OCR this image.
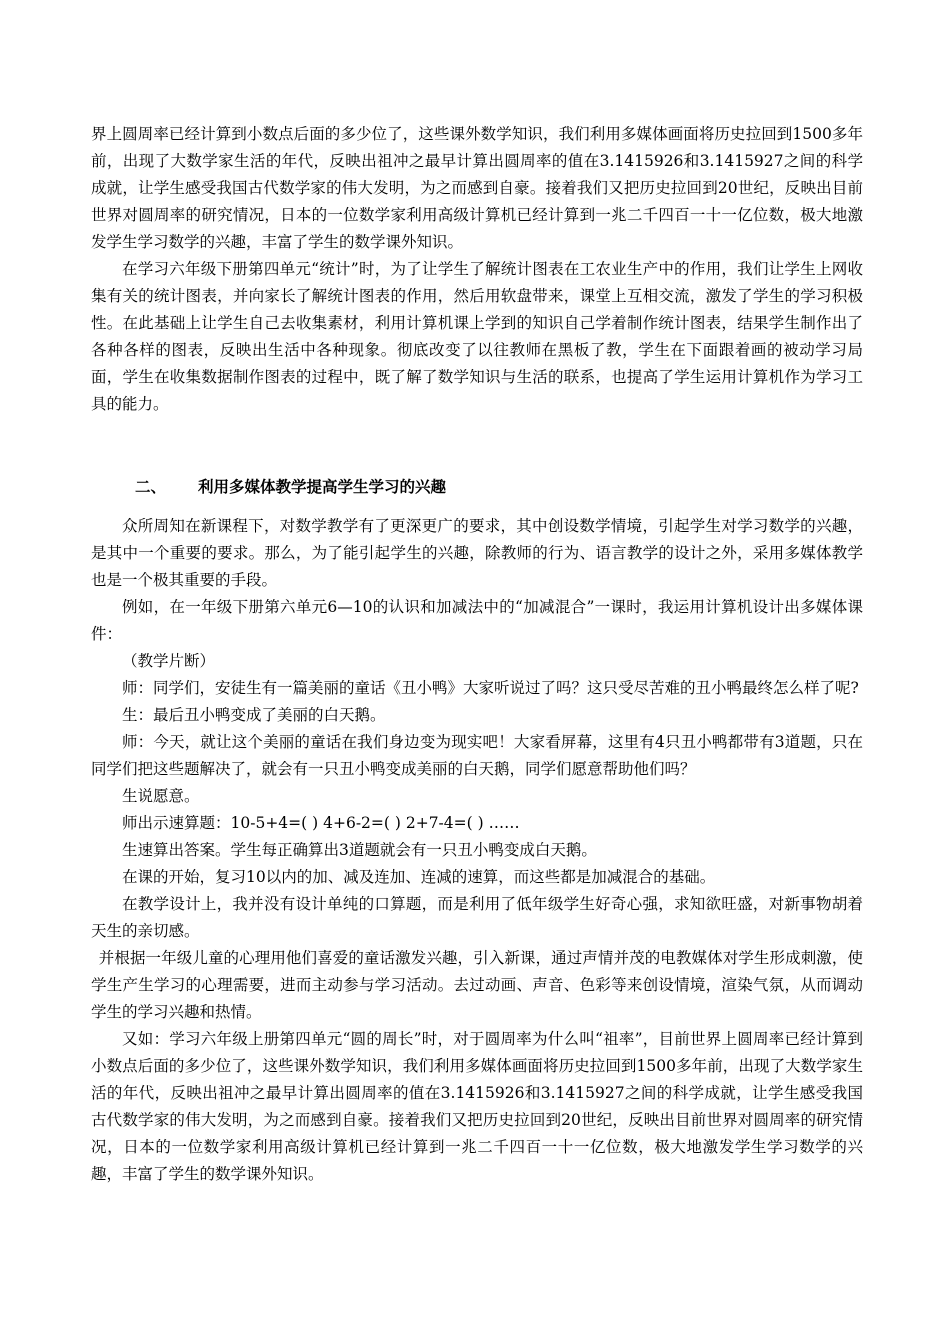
界上圆周率已经计算到小数点后面的多少位了，这些课外数学知识，我们利用多媒体画面将历史拉回到1500多年前，出现了大数学家生活的年代，反映出祖冲之最早计算出圆周率的值在3.1415926和3.1415927之间的科学成就，让学生感受我国古代数学家的伟大发明，为之而感到自豪。接着我们又把历史拉回到20世纪，反映出目前世界对圆周率的研究情况，日本的一位数学家利用高级计算机已经计算到一兆二千四百一十一亿位数，极大地激发学生学习数学的兴趣，丰富了学生的数学课外知识。

在学习六年级下册第四单元“统计”时，为了让学生了解统计图表在工农业生产中的作用，我们让学生上网收集有关的统计图表，并向家长了解统计图表的作用，然后用软盘带来，课堂上互相交流，激发了学生的学习积极性。在此基础上让学生自己去收集素材，利用计算机课上学到的知识自己学着制作统计图表，结果学生制作出了各种各样的图表，反映出生活中各种现象。彻底改变了以往教师在黑板了教，学生在下面跟着画的被动学习局面，学生在收集数据制作图表的过程中，既了解了数学知识与生活的联系，也提高了学生运用计算机作为学习工具的能力。

二、 利用多媒体教学提高学生学习的兴趣

众所周知在新课程下，对数学教学有了更深更广的要求，其中创设数学情境，引起学生对学习数学的兴趣，是其中一个重要的要求。那么，为了能引起学生的兴趣，除教师的行为、语言教学的设计之外，采用多媒体教学也是一个极其重要的手段。

例如，在一年级下册第六单元6—10的认识和加减法中的“加减混合”一课时，我运用计算机设计出多媒体课件：

（教学片断）

师：同学们，安徒生有一篇美丽的童话《丑小鸭》大家听说过了吗？这只受尽苦难的丑小鸭最终怎么样了呢?

生：最后丑小鸭变成了美丽的白天鹅。

师：今天，就让这个美丽的童话在我们身边变为现实吧！大家看屏幕，这里有4只丑小鸭都带有3道题，只在同学们把这些题解决了，就会有一只丑小鸭变成美丽的白天鹅，同学们愿意帮助他们吗？

生说愿意。

师出示速算题：10-5+4=( ) 4+6-2=( ) 2+7-4=( ) ……

生速算出答案。学生每正确算出3道题就会有一只丑小鸭变成白天鹅。

在课的开始，复习10以内的加、减及连加、连减的速算，而这些都是加减混合的基础。

在教学设计上，我并没有设计单纯的口算题，而是利用了低年级学生好奇心强，求知欲旺盛，对新事物胡着天生的亲切感。

并根据一年级儿童的心理用他们喜爱的童话激发兴趣，引入新课，通过声情并茂的电教媒体对学生形成刺激，使学生产生学习的心理需要，进而主动参与学习活动。去过动画、声音、色彩等来创设情境，渲染气氛，从而调动学生的学习兴趣和热情。

又如：学习六年级上册第四单元“圆的周长”时，对于圆周率为什么叫“祖率”，目前世界上圆周率已经计算到小数点后面的多少位了，这些课外数学知识，我们利用多媒体画面将历史拉回到1500多年前，出现了大数学家生活的年代，反映出祖冲之最早计算出圆周率的值在3.1415926和3.1415927之间的科学成就，让学生感受我国古代数学家的伟大发明，为之而感到自豪。接着我们又把历史拉回到20世纪，反映出目前世界对圆周率的研究情况，日本的一位数学家利用高级计算机已经计算到一兆二千四百一十一亿位数，极大地激发学生学习数学的兴趣，丰富了学生的数学课外知识。
